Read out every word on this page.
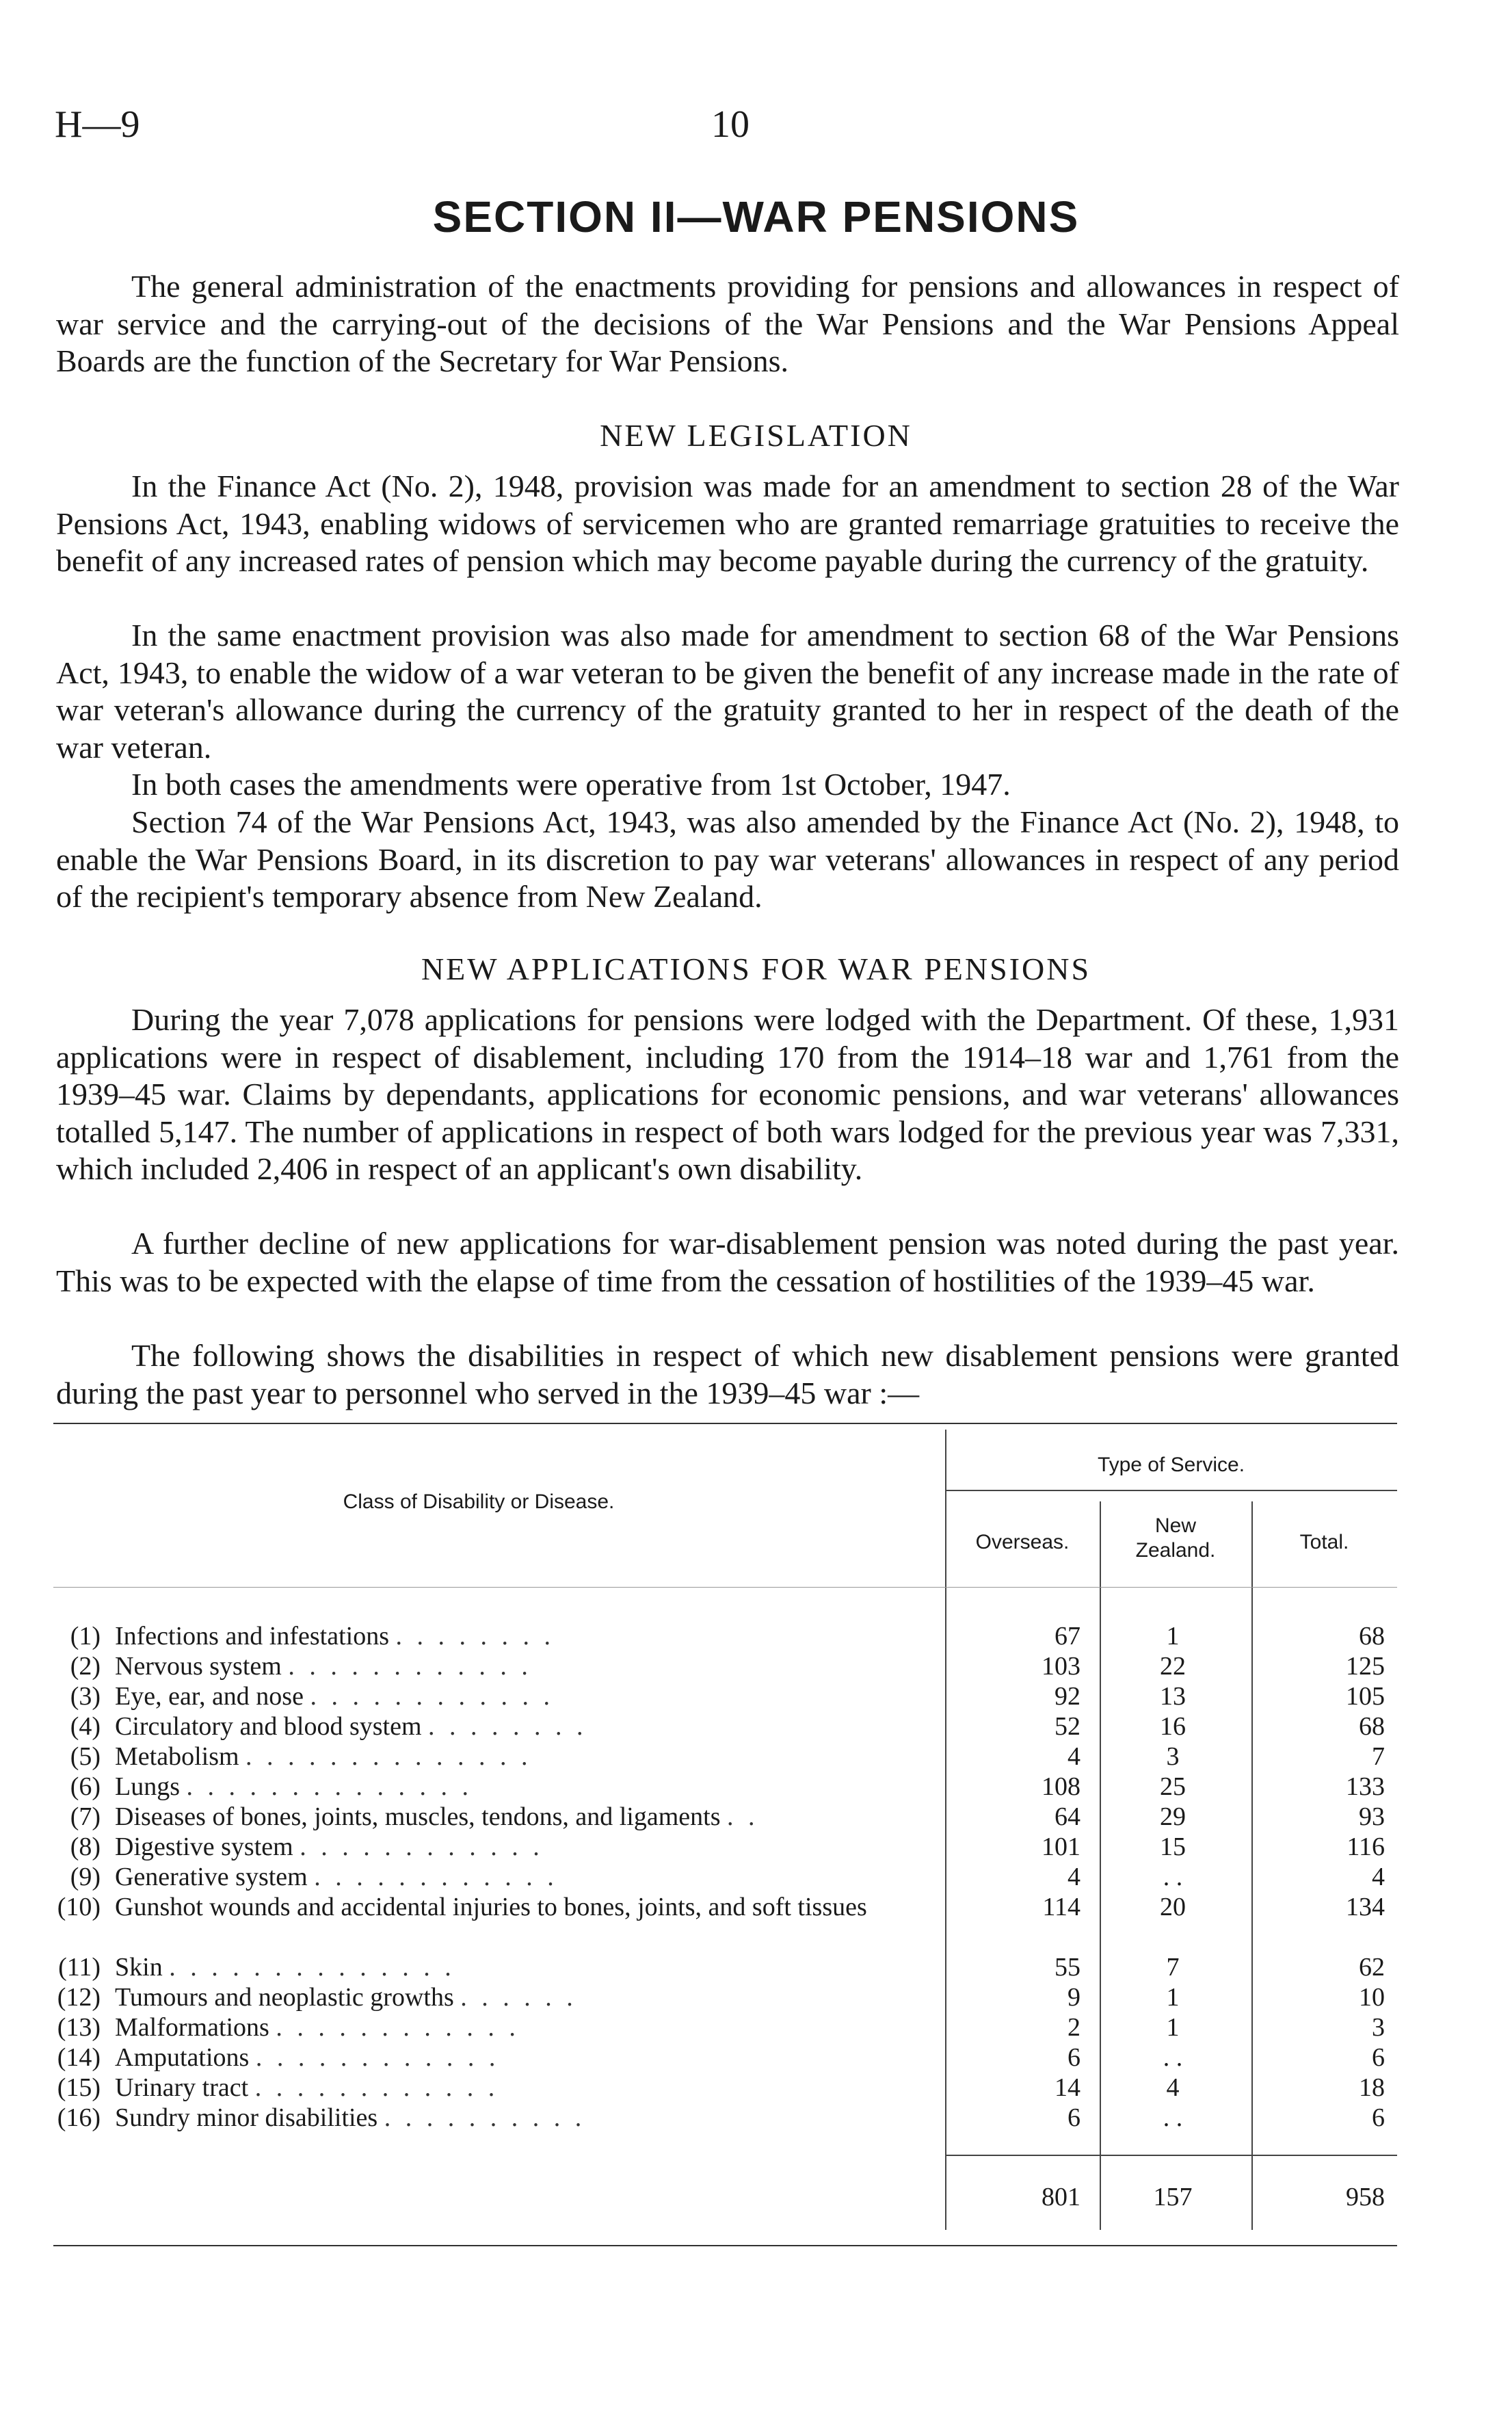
H—9	10
SECTION II—WAR PENSIONS

The general administration of the enactments providing for pensions and allowances in respect of war service and the carrying-out of the decisions of the War Pensions and the War Pensions Appeal Boards are the function of the Secretary for War Pensions.

NEW LEGISLATION

In the Finance Act (No. 2), 1948, provision was made for an amendment to section 28 of the War Pensions Act, 1943, enabling widows of servicemen who are granted remarriage gratuities to receive the benefit of any increased rates of pension which may become payable during the currency of the gratuity.

In the same enactment provision was also made for amendment to section 68 of the War Pensions Act, 1943, to enable the widow of a war veteran to be given the benefit of any increase made in the rate of war veteran's allowance during the currency of the gratuity granted to her in respect of the death of the war veteran.

In both cases the amendments were operative from 1st October, 1947.

Section 74 of the War Pensions Act, 1943, was also amended by the Finance Act (No. 2), 1948, to enable the War Pensions Board, in its discretion to pay war veterans' allowances in respect of any period of the recipient's temporary absence from New Zealand.

NEW APPLICATIONS FOR WAR PENSIONS

During the year 7,078 applications for pensions were lodged with the Department. Of these, 1,931 applications were in respect of disablement, including 170 from the 1914–18 war and 1,761 from the 1939–45 war. Claims by dependants, applications for economic pensions, and war veterans' allowances totalled 5,147. The number of applications in respect of both wars lodged for the previous year was 7,331, which included 2,406 in respect of an applicant's own disability.

A further decline of new applications for war-disablement pension was noted during the past year. This was to be expected with the elapse of time from the cessation of hostilities of the 1939–45 war.

The following shows the disabilities in respect of which new disablement pensions were granted during the past year to personnel who served in the 1939–45 war :—

Class of Disability or Disease.
Type of Service.
Overseas.
New
Zealand.	Total.
(1) Infections and infestations . . . . . . . .	67	1	68
(2) Nervous system . . . . . . . . . . . .	103	22	125
(3) Eye, ear, and nose . . . . . . . . . . . .	92	13	105
(4) Circulatory and blood system . . . . . . . .	52	16	68
(5) Metabolism . . . . . . . . . . . . . .	4	3	7
(6) Lungs . . . . . . . . . . . . . .	108	25	133
(7) Diseases of bones, joints, muscles, tendons, and ligaments . .	64	29	93
(8) Digestive system . . . . . . . . . . . .	101	15	116
(9) Generative system . . . . . . . . . . . .	4	. .	4
(10) Gunshot wounds and accidental injuries to bones, joints, and soft tissues	114	20	134
(11) Skin . . . . . . . . . . . . . .	55	7	62
(12) Tumours and neoplastic growths . . . . . .	9	1	10
(13) Malformations . . . . . . . . . . . .	2	1	3
(14) Amputations . . . . . . . . . . . .	6	. .	6
(15) Urinary tract . . . . . . . . . . . .	14	4	18
(16) Sundry minor disabilities . . . . . . . . . .	6	. .	6
801	157	958
